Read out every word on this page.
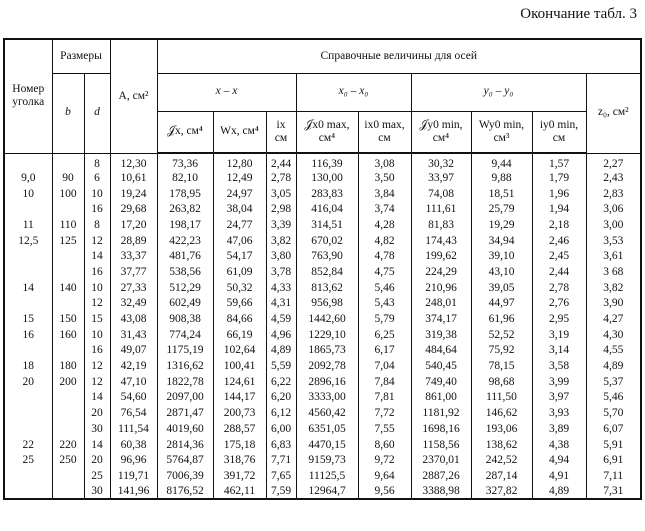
Окончание табл. 3
Номер уголка	Размеры		A, см²	Справочные величины для осей								
	b	d		x – x			x₀ – x₀		y₀ – y₀			z₀, см²
				𝒥x, см⁴	Wx, см⁴	ix см	𝒥x0 max, см⁴	ix0 max, см	𝒥y0 min, см⁴	Wy0 min, см³	iy0 min, см	
		8	12,30	73,36	12,80	2,44	116,39	3,08	30,32	9,44	1,57	2,27
9,0	90	6	10,61	82,10	12,49	2,78	130,00	3,50	33,97	9,88	1,79	2,43
10	100	10	19,24	178,95	24,97	3,05	283,83	3,84	74,08	18,51	1,96	2,83
		16	29,68	263,82	38,04	2,98	416,04	3,74	111,61	25,79	1,94	3,06
11	110	8	17,20	198,17	24,77	3,39	314,51	4,28	81,83	19,29	2,18	3,00
12,5	125	12	28,89	422,23	47,06	3,82	670,02	4,82	174,43	34,94	2,46	3,53
		14	33,37	481,76	54,17	3,80	763,90	4,78	199,62	39,10	2,45	3,61
		16	37,77	538,56	61,09	3,78	852,84	4,75	224,29	43,10	2,44	3 68
14	140	10	27,33	512,29	50,32	4,33	813,62	5,46	210,96	39,05	2,78	3,82
		12	32,49	602,49	59,66	4,31	956,98	5,43	248,01	44,97	2,76	3,90
15	150	15	43,08	908,38	84,66	4,59	1442,60	5,79	374,17	61,96	2,95	4,27
16	160	10	31,43	774,24	66,19	4,96	1229,10	6,25	319,38	52,52	3,19	4,30
		16	49,07	1175,19	102,64	4,89	1865,73	6,17	484,64	75,92	3,14	4,55
18	180	12	42,19	1316,62	100,41	5,59	2092,78	7,04	540,45	78,15	3,58	4,89
20	200	12	47,10	1822,78	124,61	6,22	2896,16	7,84	749,40	98,68	3,99	5,37
		14	54,60	2097,00	144,17	6,20	3333,00	7,81	861,00	111,50	3,97	5,46
		20	76,54	2871,47	200,73	6,12	4560,42	7,72	1181,92	146,62	3,93	5,70
		30	111,54	4019,60	288,57	6,00	6351,05	7,55	1698,16	193,06	3,89	6,07
22	220	14	60,38	2814,36	175,18	6,83	4470,15	8,60	1158,56	138,62	4,38	5,91
25	250	20	96,96	5764,87	318,76	7,71	9159,73	9,72	2370,01	242,52	4,94	6,91
		25	119,71	7006,39	391,72	7,65	11125,5	9,64	2887,26	287,14	4,91	7,11
		30	141,96	8176,52	462,11	7,59	12964,7	9,56	3388,98	327,82	4,89	7,31
